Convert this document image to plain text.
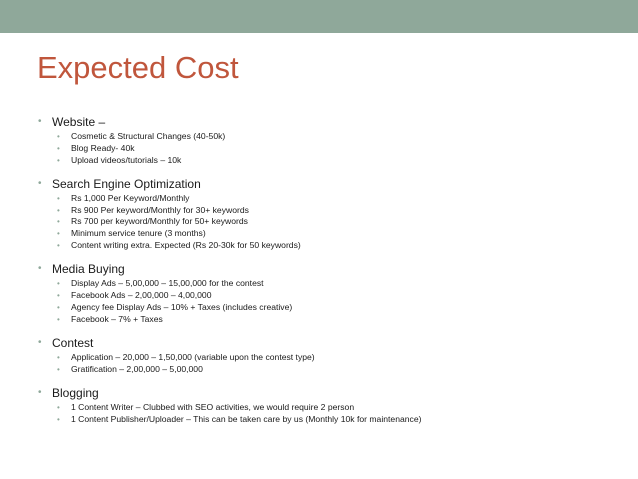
Expected Cost
• Website –
• Cosmetic & Structural Changes (40-50k)
• Blog Ready- 40k
• Upload videos/tutorials – 10k
• Search Engine Optimization
• Rs 1,000 Per Keyword/Monthly
• Rs 900 Per keyword/Monthly for 30+ keywords
• Rs 700 per keyword/Monthly for 50+ keywords
• Minimum service tenure (3 months)
• Content writing extra. Expected (Rs 20-30k for 50 keywords)
• Media Buying
• Display Ads – 5,00,000 – 15,00,000 for the contest
• Facebook Ads – 2,00,000 – 4,00,000
• Agency fee Display Ads – 10% + Taxes (includes creative)
• Facebook – 7% + Taxes
• Contest
• Application – 20,000 – 1,50,000 (variable upon the contest type)
• Gratification – 2,00,000 – 5,00,000
• Blogging
• 1 Content Writer – Clubbed with SEO activities, we would require 2 person
• 1 Content Publisher/Uploader – This can be taken care by us (Monthly 10k for maintenance)
